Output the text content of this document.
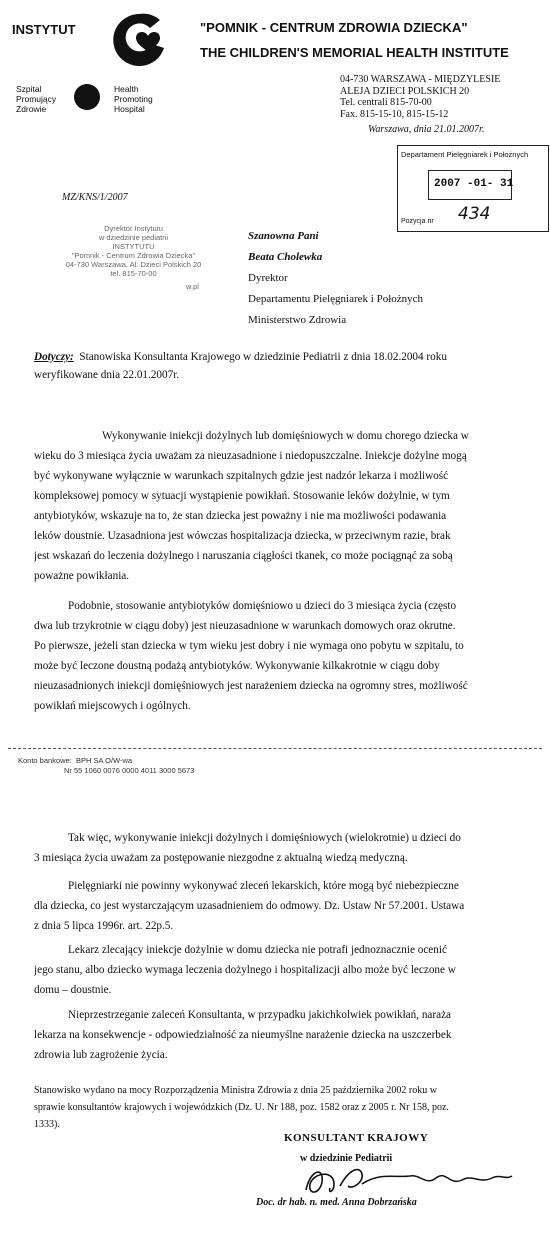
INSTYTUT	"POMNIK - CENTRUM ZDROWIA DZIECKA"
THE CHILDREN'S MEMORIAL HEALTH INSTITUTE
Szpital
Promujący
Zdrowie
Health
Promoting
Hospital
04-730 WARSZAWA - MIĘDZYLESIE
ALEJA DZIECI POLSKICH 20
Tel. centrali 815-70-00
Fax. 815-15-10, 815-15-12
Warszawa, dnia 21.01.2007r.
Departament Pielęgniarek i Położnych
2007 -01- 31
Pozycja nr 434
MZ/KNS/1/2007
Dyrektor Instytutu
w dziedzinie pediatrii
INSTYTUTU
"Pomnik - Centrum Zdrowia Dziecka"
04-730 Warszawa, Al. Dzieci Polskich 20
tel. 815-70-00
w.pl
Szanowna Pani
Beata Cholewka
Dyrektor
Departamentu Pielęgniarek i Położnych
Ministerstwo Zdrowia
Dotyczy: Stanowiska Konsultanta Krajowego w dziedzinie Pediatrii z dnia 18.02.2004 roku
weryfikowane dnia 22.01.2007r.
Wykonywanie iniekcji dożylnych lub domięśniowych w domu chorego dziecka w
wieku do 3 miesiąca życia uważam za nieuzasadnione i niedopuszczalne. Iniekcje dożylne mogą
być wykonywane wyłącznie w warunkach szpitalnych gdzie jest nadzór lekarza i możliwość
kompleksowej pomocy w sytuacji wystąpienie powikłań. Stosowanie leków dożylnie, w tym
antybiotyków, wskazuje na to, że stan dziecka jest poważny i nie ma możliwości podawania
leków doustnie. Uzasadniona jest wówczas hospitalizacja dziecka, w przeciwnym razie, brak
jest wskazań do leczenia dożylnego i naruszania ciągłości tkanek, co może pociągnąć za sobą
poważne powikłania.
Podobnie, stosowanie antybiotyków domięśniowo u dzieci do 3 miesiąca życia (często
dwa lub trzykrotnie w ciągu doby) jest nieuzasadnione w warunkach domowych oraz okrutne.
Po pierwsze, jeżeli stan dziecka w tym wieku jest dobry i nie wymaga ono pobytu w szpitalu, to
może być leczone doustną podażą antybiotyków. Wykonywanie kilkakrotnie w ciągu doby
nieuzasadnionych iniekcji domięśniowych jest narażeniem dziecka na ogromny stres, możliwość
powikłań miejscowych i ogólnych.
Konto bankowe: BPH SA O/W-wa
Nr 55 1060 0076 0000 4011 3000 5673
Tak więc, wykonywanie iniekcji dożylnych i domięśniowych (wielokrotnie) u dzieci do
3 miesiąca życia uważam za postępowanie niezgodne z aktualną wiedzą medyczną.
Pielęgniarki nie powinny wykonywać zleceń lekarskich, które mogą być niebezpieczne
dla dziecka, co jest wystarczającym uzasadnieniem do odmowy. Dz. Ustaw Nr 57.2001. Ustawa
z dnia 5 lipca 1996r. art. 22p.5.
Lekarz zlecający iniekcje dożylnie w domu dziecka nie potrafi jednoznacznie ocenić
jego stanu, albo dziecko wymaga leczenia dożylnego i hospitalizacji albo może być leczone w
domu – doustnie.
Nieprzestrzeganie zaleceń Konsultanta, w przypadku jakichkolwiek powikłań, naraża
lekarza na konsekwencje - odpowiedzialność za nieumyślne narażenie dziecka na uszczerbek
zdrowia lub zagrożenie życia.
Stanowisko wydano na mocy Rozporządzenia Ministra Zdrowia z dnia 25 października 2002 roku w
sprawie konsultantów krajowych i wojewódzkich (Dz. U. Nr 188, poz. 1582 oraz z 2005 r. Nr 158, poz.
1333).
KONSULTANT KRAJOWY
w dziedzinie Pediatrii
Doc. dr hab. n. med. Anna Dobrzańska
